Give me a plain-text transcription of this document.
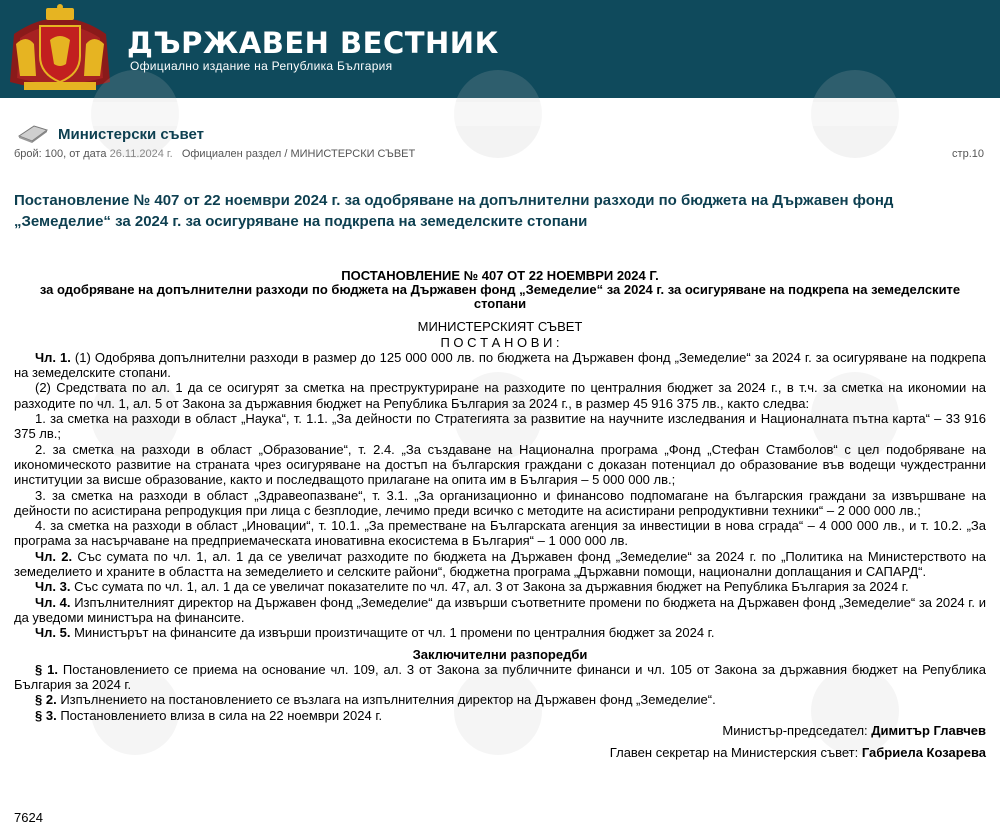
ДЪРЖАВЕН ВЕСТНИК
Официално издание на Република България
Министерски съвет
брой: 100, от дата 26.11.2024 г. Официален раздел / МИНИСТЕРСКИ СЪВЕТ	стр.10
Постановление № 407 от 22 ноември 2024 г. за одобряване на допълнителни разходи по бюджета на Държавен фонд „Земеделие“ за 2024 г. за осигуряване на подкрепа на земеделските стопани
ПОСТАНОВЛЕНИЕ № 407 ОТ 22 НОЕМВРИ 2024 Г.
за одобряване на допълнителни разходи по бюджета на Държавен фонд „Земеделие“ за 2024 г. за осигуряване на подкрепа на земеделските стопани
МИНИСТЕРСКИЯТ СЪВЕТ
П О С Т А Н О В И :

Чл. 1. (1) Одобрява допълнителни разходи в размер до 125 000 000 лв. по бюджета на Държавен фонд „Земеделие“ за 2024 г. за осигуряване на подкрепа на земеделските стопани.

(2) Средствата по ал. 1 да се осигурят за сметка на преструктуриране на разходите по централния бюджет за 2024 г., в т.ч. за сметка на икономии на разходите по чл. 1, ал. 5 от Закона за държавния бюджет на Република България за 2024 г., в размер 45 916 375 лв., както следва:

1. за сметка на разходи в област „Наука“, т. 1.1. „За дейности по Стратегията за развитие на научните изследвания и Националната пътна карта“ – 33 916 375 лв.;

2. за сметка на разходи в област „Образование“, т. 2.4. „За създаване на Национална програма „Фонд „Стефан Стамболов“ с цел подобряване на икономическото развитие на страната чрез осигуряване на достъп на българския граждани с доказан потенциал до образование във водещи чуждестранни институции за висше образование, както и последващото прилагане на опита им в България – 5 000 000 лв.;

3. за сметка на разходи в област „Здравеопазване“, т. 3.1. „За организационно и финансово подпомагане на българския граждани за извършване на дейности по асистирана репродукция при лица с безплодие, лечимо преди всичко с методите на асистирани репродуктивни техники“ – 2 000 000 лв.;

4. за сметка на разходи в област „Иновации“, т. 10.1. „За преместване на Българската агенция за инвестиции в нова сграда“ – 4 000 000 лв., и т. 10.2. „За програма за насърчаване на предприемаческата иновативна екосистема в България“ – 1 000 000 лв.

Чл. 2. Със сумата по чл. 1, ал. 1 да се увеличат разходите по бюджета на Държавен фонд „Земеделие“ за 2024 г. по „Политика на Министерството на земеделието и храните в областта на земеделието и селските райони“, бюджетна програма „Държавни помощи, национални доплащания и САПАРД“.

Чл. 3. Със сумата по чл. 1, ал. 1 да се увеличат показателите по чл. 47, ал. 3 от Закона за държавния бюджет на Република България за 2024 г.

Чл. 4. Изпълнителният директор на Държавен фонд „Земеделие“ да извърши съответните промени по бюджета на Държавен фонд „Земеделие“ за 2024 г. и да уведоми министъра на финансите.

Чл. 5. Министърът на финансите да извърши произтичащите от чл. 1 промени по централния бюджет за 2024 г.

Заключителни разпоредби

§ 1. Постановлението се приема на основание чл. 109, ал. 3 от Закона за публичните финанси и чл. 105 от Закона за държавния бюджет на Република България за 2024 г.

§ 2. Изпълнението на постановлението се възлага на изпълнителния директор на Държавен фонд „Земеделие“.

§ 3. Постановлението влиза в сила на 22 ноември 2024 г.

Министър-председател: Димитър Главчев

Главен секретар на Министерския съвет: Габриела Козарева

7624
